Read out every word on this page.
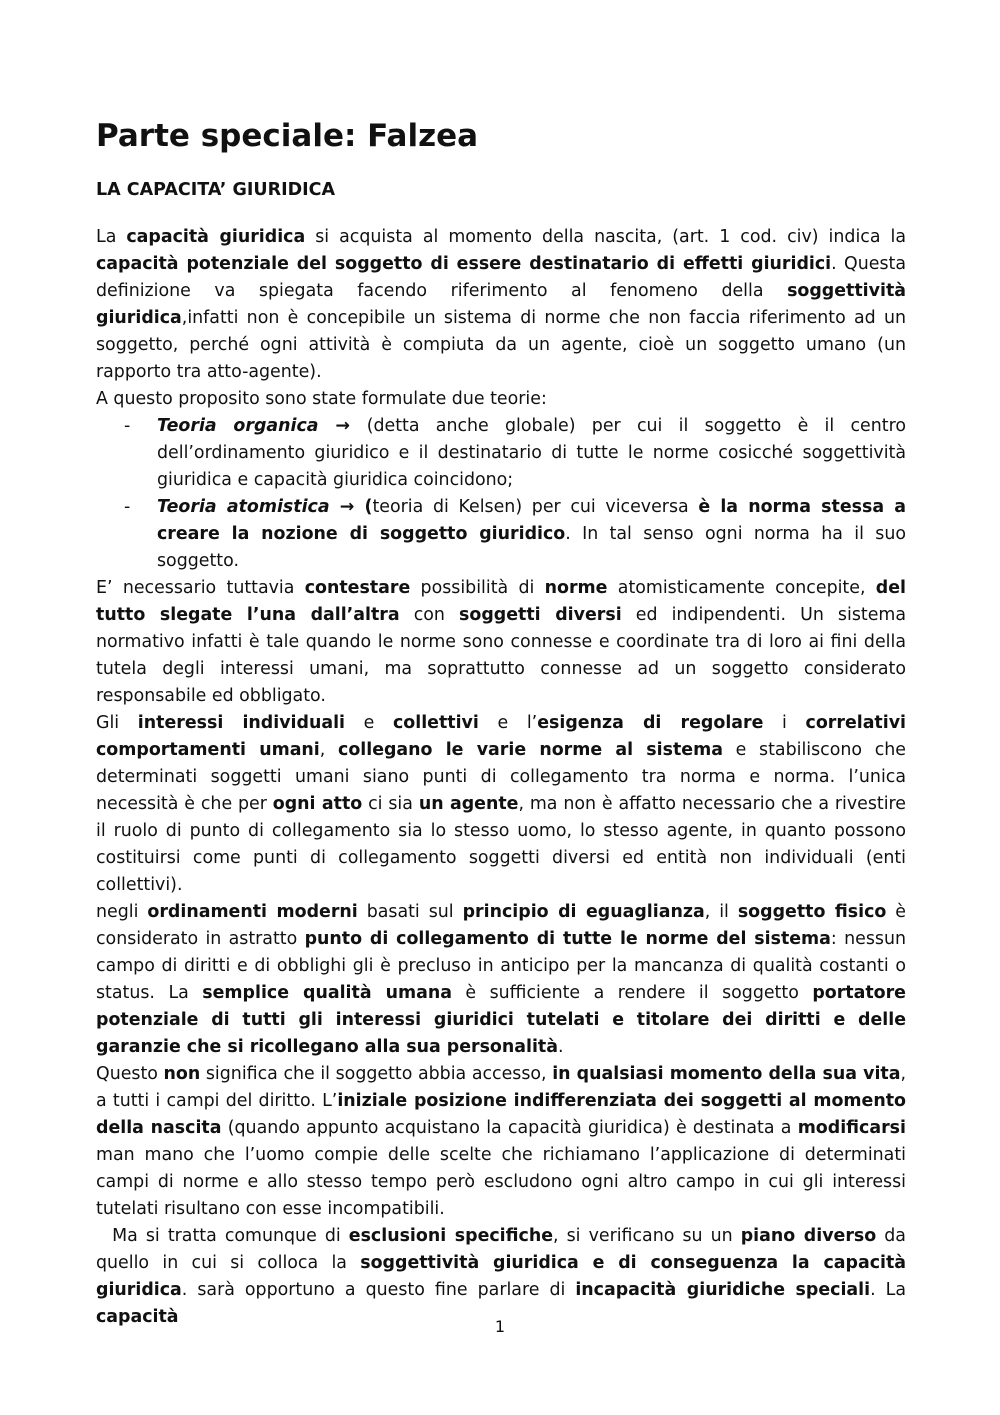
Parte speciale: Falzea
LA CAPACITA’ GIURIDICA

La capacità giuridica si acquista al momento della nascita, (art. 1 cod. civ) indica la capacità potenziale del soggetto di essere destinatario di effetti giuridici. Questa definizione va spiegata facendo riferimento al fenomeno della soggettività giuridica,infatti non è concepibile un sistema di norme che non faccia riferimento ad un soggetto, perché ogni attività è compiuta da un agente, cioè un soggetto umano (un rapporto tra atto-agente).

A questo proposito sono state formulate due teorie:

- Teoria organica → (detta anche globale) per cui il soggetto è il centro dell’ordinamento giuridico e il destinatario di tutte le norme cosicché soggettività giuridica e capacità giuridica coincidono;
- Teoria atomistica → (teoria di Kelsen) per cui viceversa è la norma stessa a creare la nozione di soggetto giuridico. In tal senso ogni norma ha il suo soggetto.

E’ necessario tuttavia contestare possibilità di norme atomisticamente concepite, del tutto slegate l’una dall’altra con soggetti diversi ed indipendenti. Un sistema normativo infatti è tale quando le norme sono connesse e coordinate tra di loro ai fini della tutela degli interessi umani, ma soprattutto connesse ad un soggetto considerato responsabile ed obbligato.

Gli interessi individuali e collettivi e l’esigenza di regolare i correlativi comportamenti umani, collegano le varie norme al sistema e stabiliscono che determinati soggetti umani siano punti di collegamento tra norma e norma. l’unica necessità è che per ogni atto ci sia un agente, ma non è affatto necessario che a rivestire il ruolo di punto di collegamento sia lo stesso uomo, lo stesso agente, in quanto possono costituirsi come punti di collegamento soggetti diversi ed entità non individuali (enti collettivi).

negli ordinamenti moderni basati sul principio di eguaglianza, il soggetto fisico è considerato in astratto punto di collegamento di tutte le norme del sistema: nessun campo di diritti e di obblighi gli è precluso in anticipo per la mancanza di qualità costanti o status. La semplice qualità umana è sufficiente a rendere il soggetto portatore potenziale di tutti gli interessi giuridici tutelati e titolare dei diritti e delle garanzie che si ricollegano alla sua personalità.

Questo non significa che il soggetto abbia accesso, in qualsiasi momento della sua vita, a tutti i campi del diritto. L’iniziale posizione indifferenziata dei soggetti al momento della nascita (quando appunto acquistano la capacità giuridica) è destinata a modificarsi man mano che l’uomo compie delle scelte che richiamano l’applicazione di determinati campi di norme e allo stesso tempo però escludono ogni altro campo in cui gli interessi tutelati risultano con esse incompatibili.

Ma si tratta comunque di esclusioni specifiche, si verificano su un piano diverso da quello in cui si colloca la soggettività giuridica e di conseguenza la capacità giuridica. sarà opportuno a questo fine parlare di incapacità giuridiche speciali. La capacità	1
